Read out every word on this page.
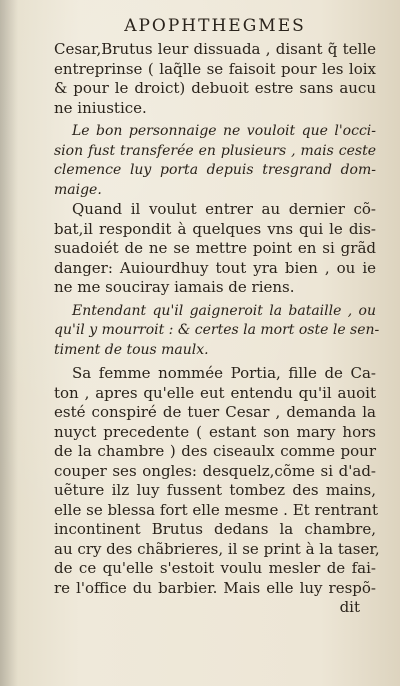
APOPHTHEGMES
Cesar,Brutus leur dissuada , disant q̃ telle
entreprinse ( laq̃lle se faisoit pour les loix
& pour le droict) debuoit estre sans aucu
ne iniustice.
Le bon personnaige ne vouloit que l'occi-
sion fust transferée en plusieurs , mais ceste
clemence luy porta depuis tresgrand dom-
maige.
Quand il voulut entrer au dernier cõ-
bat,il respondit à quelques vns qui le dis-
suadoiét de ne se mettre point en si grãd
danger: Auiourdhuy tout yra bien , ou ie
ne me souciray iamais de riens.
Entendant qu'il gaigneroit la bataille , ou
qu'il y mourroit : & certes la mort oste le sen-
timent de tous maulx.
Sa femme nommée Portia, fille de Ca-
ton , apres qu'elle eut entendu qu'il auoit
esté conspiré de tuer Cesar , demanda la
nuyct precedente ( estant son mary hors
de la chambre ) des ciseaulx comme pour
couper ses ongles: desquelz,cõme si d'ad-
uẽture ilz luy fussent tombez des mains,
elle se blessa fort elle mesme . Et rentrant
incontinent Brutus dedans la chambre,
au cry des chãbrieres, il se print à la taser,
de ce qu'elle s'estoit voulu mesler de fai-
re l'office du barbier. Mais elle luy respõ-
dit
